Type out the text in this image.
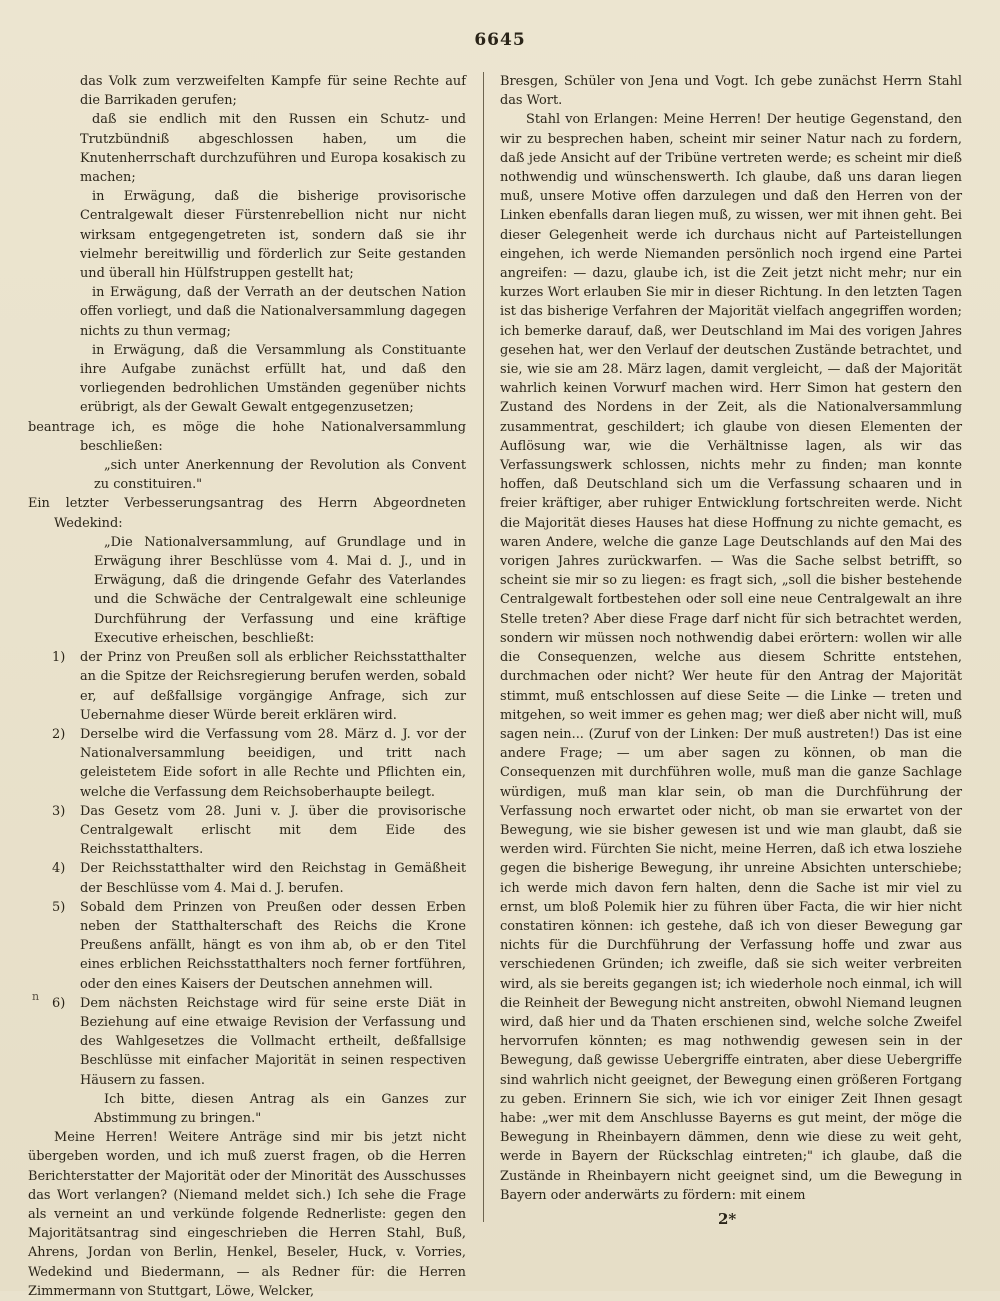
6645

das Volk zum verzweifelten Kampfe für seine Rechte auf die Barrikaden gerufen;

daß sie endlich mit den Russen ein Schutz- und Trutzbündniß abgeschlossen haben, um die Knutenherrschaft durchzuführen und Europa kosakisch zu machen;

in Erwägung, daß die bisherige provisorische Centralgewalt dieser Fürstenrebellion nicht nur nicht wirksam entgegengetreten ist, sondern daß sie ihr vielmehr bereitwillig und förderlich zur Seite gestanden und überall hin Hülfstruppen gestellt hat;

in Erwägung, daß der Verrath an der deutschen Nation offen vorliegt, und daß die Nationalversammlung dagegen nichts zu thun vermag;

in Erwägung, daß die Versammlung als Constituante ihre Aufgabe zunächst erfüllt hat, und daß den vorliegenden bedrohlichen Umständen gegenüber nichts erübrigt, als der Gewalt Gewalt entgegenzusetzen;

beantrage ich, es möge die hohe Nationalversammlung beschließen:

„sich unter Anerkennung der Revolution als Convent zu constituiren."

Ein letzter Verbesserungsantrag des Herrn Abgeordneten Wedekind:

„Die Nationalversammlung, auf Grundlage und in Erwägung ihrer Beschlüsse vom 4. Mai d. J., und in Erwägung, daß die dringende Gefahr des Vaterlandes und die Schwäche der Centralgewalt eine schleunige Durchführung der Verfassung und eine kräftige Executive erheischen, beschließt:

1) der Prinz von Preußen soll als erblicher Reichsstatthalter an die Spitze der Reichsregierung berufen werden, sobald er, auf deßfallsige vorgängige Anfrage, sich zur Uebernahme dieser Würde bereit erklären wird.

2) Derselbe wird die Verfassung vom 28. März d. J. vor der Nationalversammlung beeidigen, und tritt nach geleistetem Eide sofort in alle Rechte und Pflichten ein, welche die Verfassung dem Reichsoberhaupte beilegt.

3) Das Gesetz vom 28. Juni v. J. über die provisorische Centralgewalt erlischt mit dem Eide des Reichsstatthalters.

4) Der Reichsstatthalter wird den Reichstag in Gemäßheit der Beschlüsse vom 4. Mai d. J. berufen.

5) Sobald dem Prinzen von Preußen oder dessen Erben neben der Statthalterschaft des Reichs die Krone Preußens anfällt, hängt es von ihm ab, ob er den Titel eines erblichen Reichsstatthalters noch ferner fortführen, oder den eines Kaisers der Deutschen annehmen will.

6) Dem nächsten Reichstage wird für seine erste Diät in Beziehung auf eine etwaige Revision der Verfassung und des Wahlgesetzes die Vollmacht ertheilt, deßfallsige Beschlüsse mit einfacher Majorität in seinen respectiven Häusern zu fassen.

Ich bitte, diesen Antrag als ein Ganzes zur Abstimmung zu bringen."

Meine Herren! Weitere Anträge sind mir bis jetzt nicht übergeben worden, und ich muß zuerst fragen, ob die Herren Berichterstatter der Majorität oder der Minorität des Ausschusses das Wort verlangen? (Niemand meldet sich.) Ich sehe die Frage als verneint an und verkünde folgende Rednerliste: gegen den Majoritätsantrag sind eingeschrieben die Herren Stahl, Buß, Ahrens, Jordan von Berlin, Henkel, Beseler, Huck, v. Vorries, Wedekind und Biedermann, — als Redner für: die Herren Zimmermann von Stuttgart, Löwe, Welcker,

Bresgen, Schüler von Jena und Vogt. Ich gebe zunächst Herrn Stahl das Wort.

Stahl von Erlangen: Meine Herren! Der heutige Gegenstand, den wir zu besprechen haben, scheint mir seiner Natur nach zu fordern, daß jede Ansicht auf der Tribüne vertreten werde; es scheint mir dieß nothwendig und wünschenswerth. Ich glaube, daß uns daran liegen muß, unsere Motive offen darzulegen und daß den Herren von der Linken ebenfalls daran liegen muß, zu wissen, wer mit ihnen geht. Bei dieser Gelegenheit werde ich durchaus nicht auf Parteistellungen eingehen, ich werde Niemanden persönlich noch irgend eine Partei angreifen: — dazu, glaube ich, ist die Zeit jetzt nicht mehr; nur ein kurzes Wort erlauben Sie mir in dieser Richtung. In den letzten Tagen ist das bisherige Verfahren der Majorität vielfach angegriffen worden; ich bemerke darauf, daß, wer Deutschland im Mai des vorigen Jahres gesehen hat, wer den Verlauf der deutschen Zustände betrachtet, und sie, wie sie am 28. März lagen, damit vergleicht, — daß der Majorität wahrlich keinen Vorwurf machen wird. Herr Simon hat gestern den Zustand des Nordens in der Zeit, als die Nationalversammlung zusammentrat, geschildert; ich glaube von diesen Elementen der Auflösung war, wie die Verhältnisse lagen, als wir das Verfassungswerk schlossen, nichts mehr zu finden; man konnte hoffen, daß Deutschland sich um die Verfassung schaaren und in freier kräftiger, aber ruhiger Entwicklung fortschreiten werde. Nicht die Majorität dieses Hauses hat diese Hoffnung zu nichte gemacht, es waren Andere, welche die ganze Lage Deutschlands auf den Mai des vorigen Jahres zurückwarfen. — Was die Sache selbst betrifft, so scheint sie mir so zu liegen: es fragt sich, „soll die bisher bestehende Centralgewalt fortbestehen oder soll eine neue Centralgewalt an ihre Stelle treten? Aber diese Frage darf nicht für sich betrachtet werden, sondern wir müssen noch nothwendig dabei erörtern: wollen wir alle die Consequenzen, welche aus diesem Schritte entstehen, durchmachen oder nicht? Wer heute für den Antrag der Majorität stimmt, muß entschlossen auf diese Seite — die Linke — treten und mitgehen, so weit immer es gehen mag; wer dieß aber nicht will, muß sagen nein... (Zuruf von der Linken: Der muß austreten!) Das ist eine andere Frage; — um aber sagen zu können, ob man die Consequenzen mit durchführen wolle, muß man die ganze Sachlage würdigen, muß man klar sein, ob man die Durchführung der Verfassung noch erwartet oder nicht, ob man sie erwartet von der Bewegung, wie sie bisher gewesen ist und wie man glaubt, daß sie werden wird. Fürchten Sie nicht, meine Herren, daß ich etwa losziehe gegen die bisherige Bewegung, ihr unreine Absichten unterschiebe; ich werde mich davon fern halten, denn die Sache ist mir viel zu ernst, um bloß Polemik hier zu führen über Facta, die wir hier nicht constatiren können: ich gestehe, daß ich von dieser Bewegung gar nichts für die Durchführung der Verfassung hoffe und zwar aus verschiedenen Gründen; ich zweifle, daß sie sich weiter verbreiten wird, als sie bereits gegangen ist; ich wiederhole noch einmal, ich will die Reinheit der Bewegung nicht anstreiten, obwohl Niemand leugnen wird, daß hier und da Thaten erschienen sind, welche solche Zweifel hervorrufen könnten; es mag nothwendig gewesen sein in der Bewegung, daß gewisse Uebergriffe eintraten, aber diese Uebergriffe sind wahrlich nicht geeignet, der Bewegung einen größeren Fortgang zu geben. Erinnern Sie sich, wie ich vor einiger Zeit Ihnen gesagt habe: „wer mit dem Anschlusse Bayerns es gut meint, der möge die Bewegung in Rheinbayern dämmen, denn wie diese zu weit geht, werde in Bayern der Rückschlag eintreten;" ich glaube, daß die Zustände in Rheinbayern nicht geeignet sind, um die Bewegung in Bayern oder anderwärts zu fördern: mit einem

n
2*
